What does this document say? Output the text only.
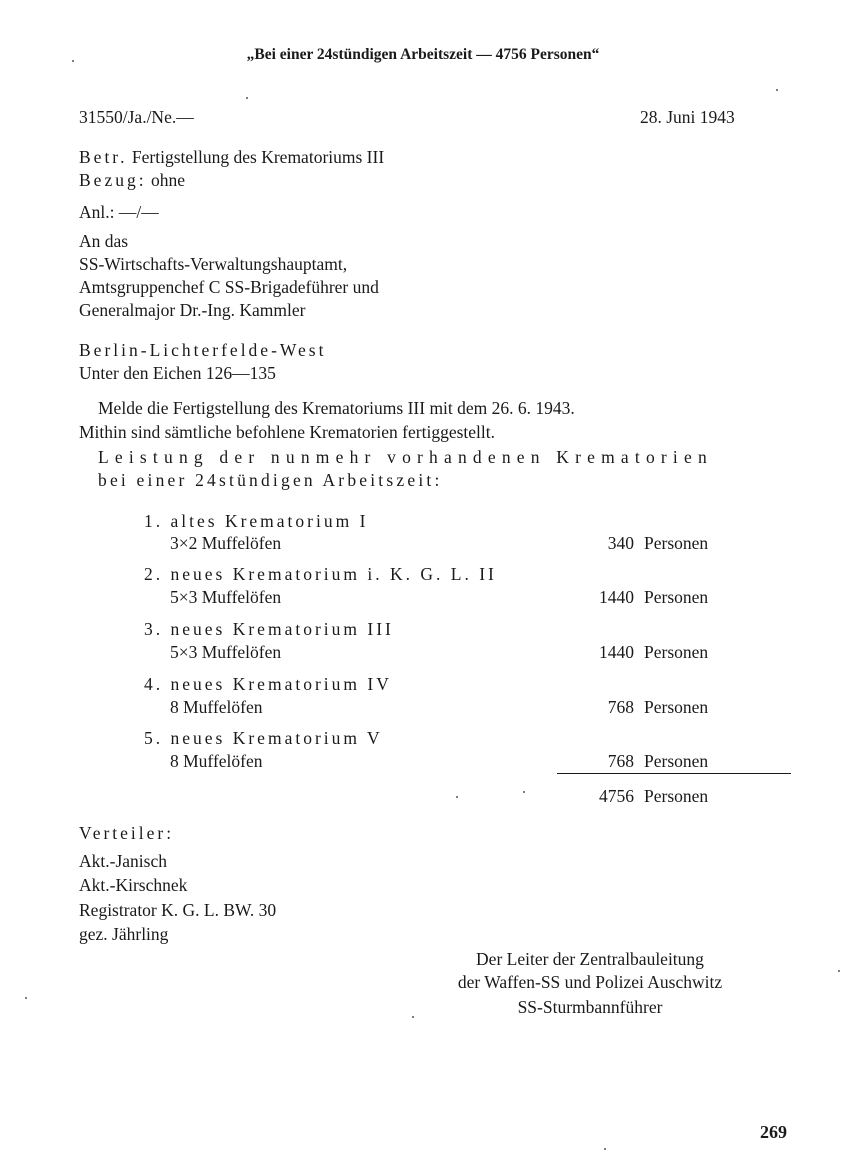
„Bei einer 24stündigen Arbeitszeit — 4756 Personen“
31550/Ja./Ne.—	28. Juni 1943
Betr. Fertigstellung des Krematoriums III
Bezug: ohne
Anl.: —/—
An das
SS-Wirtschafts-Verwaltungshauptamt,
Amtsgruppenchef C SS-Brigadeführer und
Generalmajor Dr.-Ing. Kammler
Berlin-Lichterfelde-West
Unter den Eichen 126—135
Melde die Fertigstellung des Krematoriums III mit dem 26. 6. 1943.
Mithin sind sämtliche befohlene Krematorien fertiggestellt.
Leistung der nunmehr vorhandenen Krematorien
bei einer 24stündigen Arbeitszeit:
1. altes Krematorium I
3×2 Muffelöfen	340 Personen
2. neues Krematorium i. K. G. L. II
5×3 Muffelöfen	1440 Personen
3. neues Krematorium III
5×3 Muffelöfen	1440 Personen
4. neues Krematorium IV
8 Muffelöfen	768 Personen
5. neues Krematorium V
8 Muffelöfen	768 Personen
4756 Personen
Verteiler:
Akt.-Janisch
Akt.-Kirschnek
Registrator K. G. L. BW. 30
gez. Jährling
Der Leiter der Zentralbauleitung
der Waffen-SS und Polizei Auschwitz
SS-Sturmbannführer
269
